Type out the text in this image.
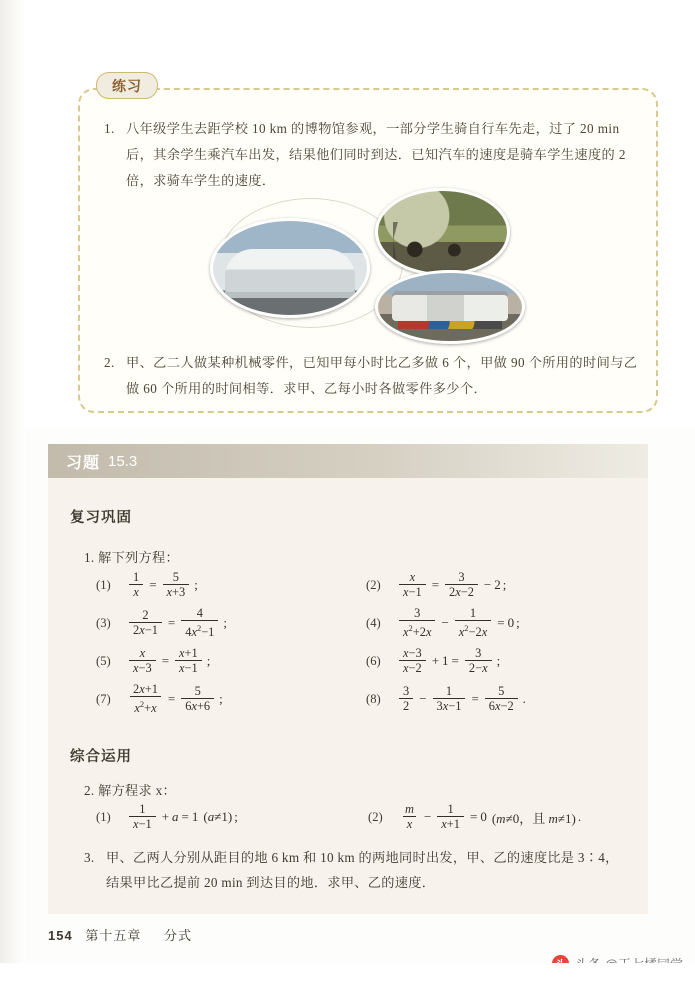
练习
1. 八年级学生去距学校 10 km 的博物馆参观，一部分学生骑自行车先走，过了 20 min后，其余学生乘汽车出发，结果他们同时到达．已知汽车的速度是骑车学生速度的 2 倍，求骑车学生的速度．
2. 甲、乙二人做某种机械零件，已知甲每小时比乙多做 6 个，甲做 90 个所用的时间与乙做 60 个所用的时间相等．求甲、乙每小时各做零件多少个．
习题 15.3
复习巩固
1. 解下列方程：
(1)	$\frac{1}{x} = \frac{5}{x+3}$ ;	(2)	$\frac{x}{x-1} = \frac{3}{2x-2} - 2$ ;
(3)	$\frac{2}{2x-1} = \frac{4}{4x^2-1}$ ;	(4)	$\frac{3}{x^2+2x} - \frac{1}{x^2-2x} = 0$ ;
(5)	$\frac{x}{x-3} = \frac{x+1}{x-1}$ ;	(6)	$\frac{x-3}{x-2} + 1 = \frac{3}{2-x}$ ;
(7)	$\frac{2x+1}{x^2+x} = \frac{5}{6x+6}$ ;	(8)	$\frac{3}{2} - \frac{1}{3x-1} = \frac{5}{6x-2}$ .
综合运用
2. 解方程求 x：
(1)	$\frac{1}{x-1} + a = 1$ (a≠1) ;	(2)	$\frac{m}{x} - \frac{1}{x+1} = 0$ (m≠0，且 m≠1) .
3. 甲、乙两人分别从距目的地 6 km 和 10 km 的两地同时出发，甲、乙的速度比是 3∶4，结果甲比乙提前 20 min 到达目的地．求甲、乙的速度．
154 第十五章 分式
